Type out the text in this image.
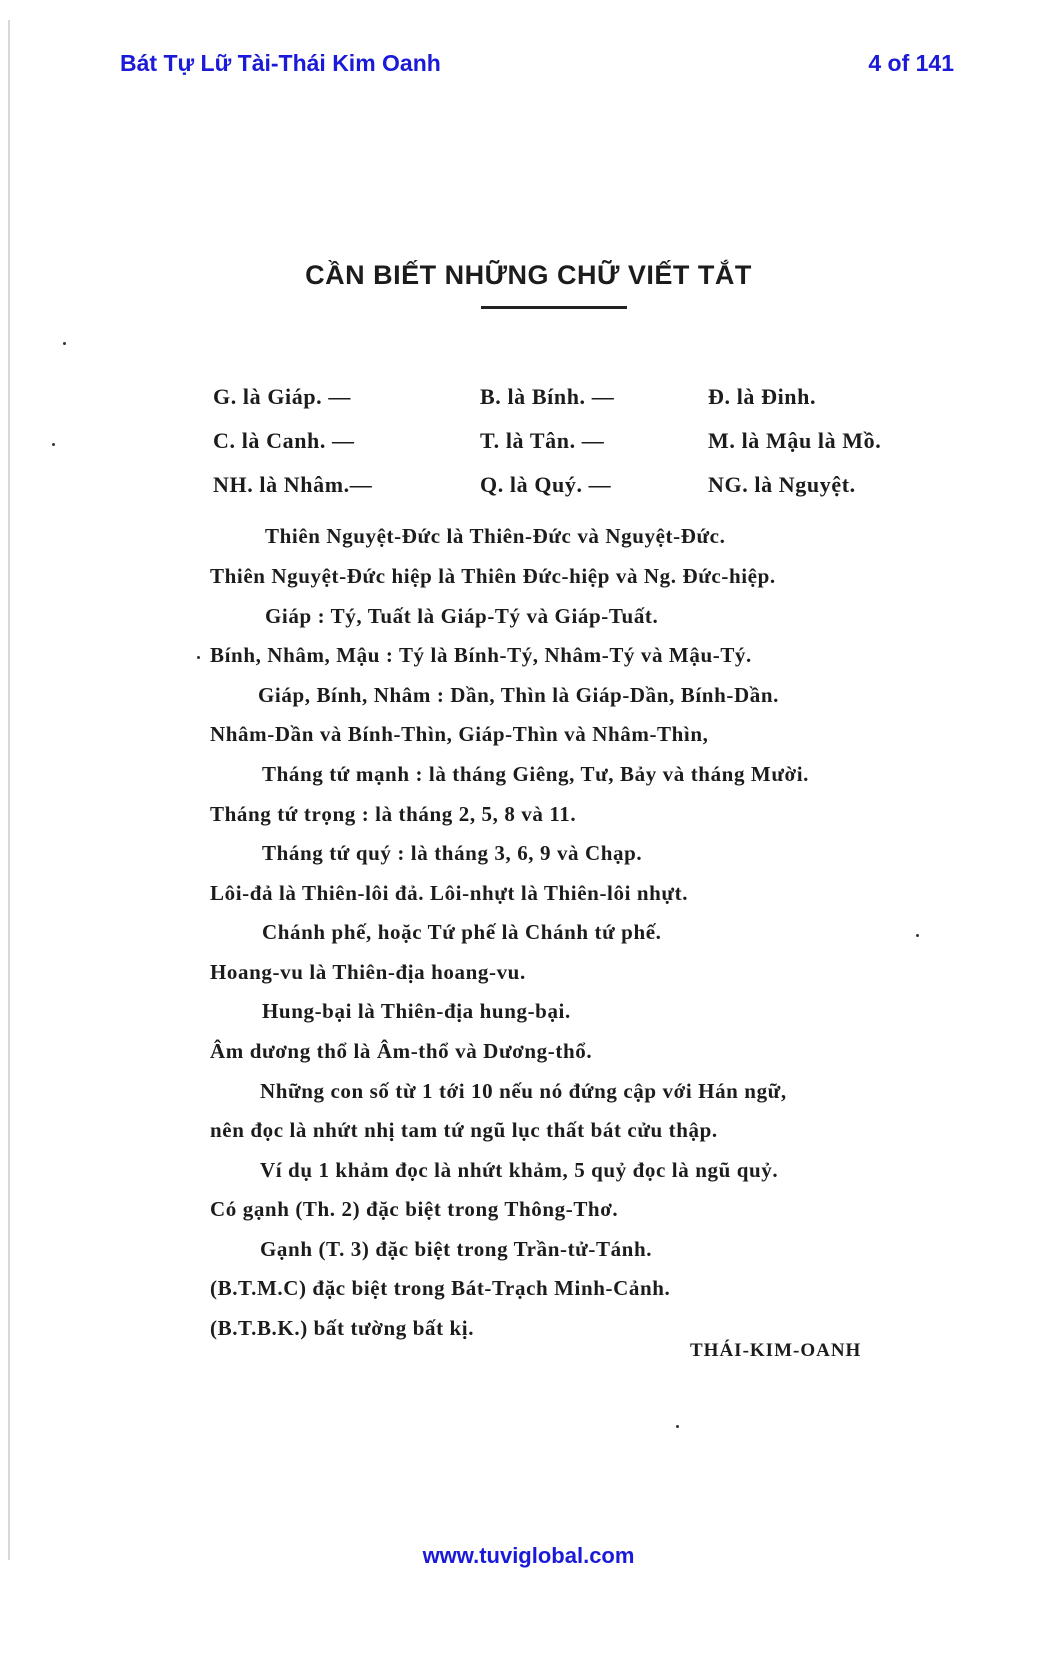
Bát Tự Lữ Tài-Thái Kim Oanh	4 of 141
CẦN BIẾT NHỮNG CHỮ VIẾT TẮT
G. là Giáp. —	B. là Bính. —	Đ. là Đinh.
C. là Canh. —	T. là Tân. —	M. là Mậu là Mồ.
NH. là Nhâm.—	Q. là Quý. —	NG. là Nguyệt.
Thiên Nguyệt-Đức là Thiên-Đức và Nguyệt-Đức.
Thiên Nguyệt-Đức hiệp là Thiên Đức-hiệp và Ng. Đức-hiệp.
Giáp : Tý, Tuất là Giáp-Tý và Giáp-Tuất.
Bính, Nhâm, Mậu : Tý là Bính-Tý, Nhâm-Tý và Mậu-Tý.
Giáp, Bính, Nhâm : Dần, Thìn là Giáp-Dần, Bính-Dần.
Nhâm-Dần và Bính-Thìn, Giáp-Thìn và Nhâm-Thìn,
Tháng tứ mạnh : là tháng Giêng, Tư, Bảy và tháng Mười.
Tháng tứ trọng : là tháng 2, 5, 8 và 11.
Tháng tứ quý : là tháng 3, 6, 9 và Chạp.
Lôi-đả là Thiên-lôi đả. Lôi-nhựt là Thiên-lôi nhựt.
Chánh phế, hoặc Tứ phế là Chánh tứ phế.
Hoang-vu là Thiên-địa hoang-vu.
Hung-bại là Thiên-địa hung-bại.
Âm dương thổ là Âm-thổ và Dương-thổ.
Những con số từ 1 tới 10 nếu nó đứng cập với Hán ngữ,
nên đọc là nhứt nhị tam tứ ngũ lục thất bát cửu thập.
Ví dụ 1 khảm đọc là nhứt khảm, 5 quỷ đọc là ngũ quỷ.
Có gạnh (Th. 2) đặc biệt trong Thông-Thơ.
Gạnh (T. 3) đặc biệt trong Trần-tử-Tánh.
(B.T.M.C) đặc biệt trong Bát-Trạch Minh-Cảnh.
(B.T.B.K.) bất tường bất kị.
THÁI-KIM-OANH
www.tuviglobal.com
